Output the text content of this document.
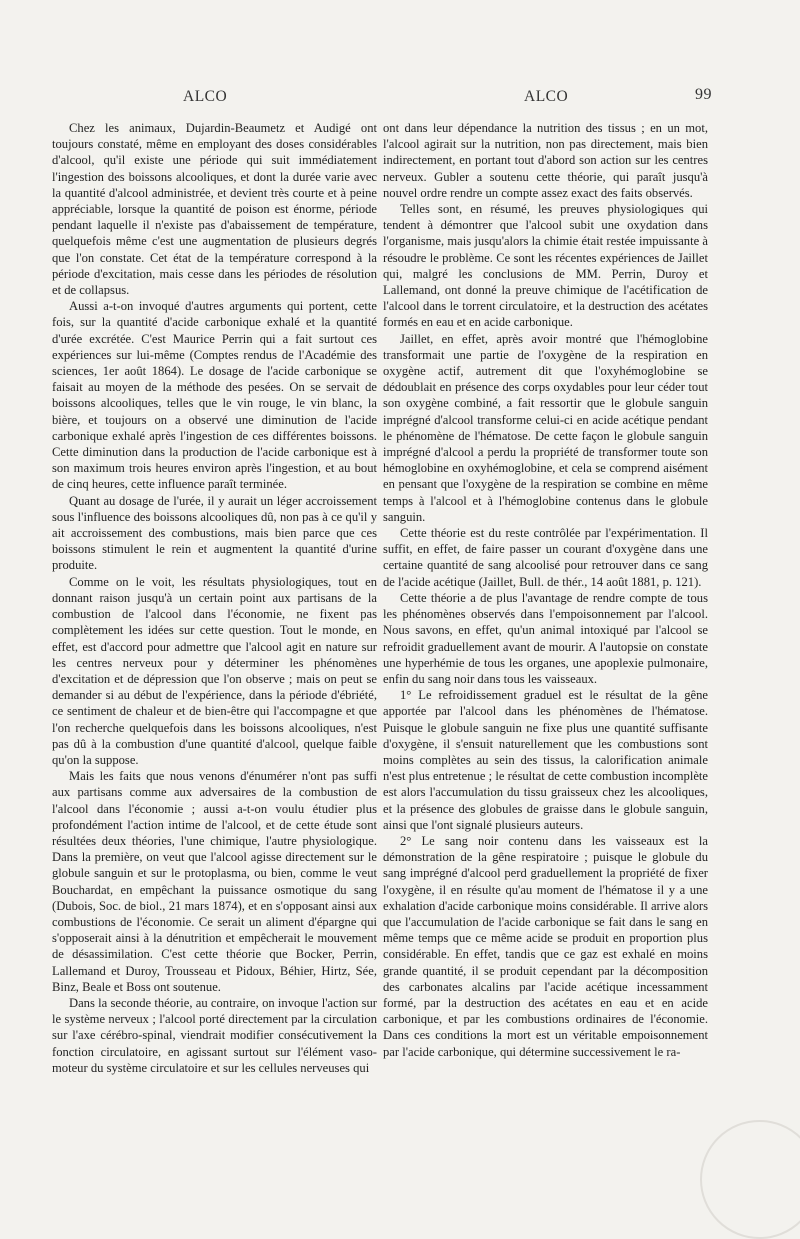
ALCO	ALCO	99

Chez les animaux, Dujardin-Beaumetz et Audigé ont toujours constaté, même en employant des doses considérables d'alcool, qu'il existe une période qui suit immédiatement l'ingestion des boissons alcooliques, et dont la durée varie avec la quantité d'alcool administrée, et devient très courte et à peine appréciable, lorsque la quantité de poison est énorme, période pendant laquelle il n'existe pas d'abaissement de température, quelquefois même c'est une augmentation de plusieurs degrés que l'on constate. Cet état de la température correspond à la période d'excitation, mais cesse dans les périodes de résolution et de collapsus.

Aussi a-t-on invoqué d'autres arguments qui portent, cette fois, sur la quantité d'acide carbonique exhalé et la quantité d'urée excrétée. C'est Maurice Perrin qui a fait surtout ces expériences sur lui-même (Comptes rendus de l'Académie des sciences, 1er août 1864). Le dosage de l'acide carbonique se faisait au moyen de la méthode des pesées. On se servait de boissons alcooliques, telles que le vin rouge, le vin blanc, la bière, et toujours on a observé une diminution de l'acide carbonique exhalé après l'ingestion de ces différentes boissons. Cette diminution dans la production de l'acide carbonique est à son maximum trois heures environ après l'ingestion, et au bout de cinq heures, cette influence paraît terminée.

Quant au dosage de l'urée, il y aurait un léger accroissement sous l'influence des boissons alcooliques dû, non pas à ce qu'il y ait accroissement des combustions, mais bien parce que ces boissons stimulent le rein et augmentent la quantité d'urine produite.

Comme on le voit, les résultats physiologiques, tout en donnant raison jusqu'à un certain point aux partisans de la combustion de l'alcool dans l'économie, ne fixent pas complètement les idées sur cette question. Tout le monde, en effet, est d'accord pour admettre que l'alcool agit en nature sur les centres nerveux pour y déterminer les phénomènes d'excitation et de dépression que l'on observe ; mais on peut se demander si au début de l'expérience, dans la période d'ébriété, ce sentiment de chaleur et de bien-être qui l'accompagne et que l'on recherche quelquefois dans les boissons alcooliques, n'est pas dû à la combustion d'une quantité d'alcool, quelque faible qu'on la suppose.

Mais les faits que nous venons d'énumérer n'ont pas suffi aux partisans comme aux adversaires de la combustion de l'alcool dans l'économie ; aussi a-t-on voulu étudier plus profondément l'action intime de l'alcool, et de cette étude sont résultées deux théories, l'une chimique, l'autre physiologique. Dans la première, on veut que l'alcool agisse directement sur le globule sanguin et sur le protoplasma, ou bien, comme le veut Bouchardat, en empêchant la puissance osmotique du sang (Dubois, Soc. de biol., 21 mars 1874), et en s'opposant ainsi aux combustions de l'économie. Ce serait un aliment d'épargne qui s'opposerait ainsi à la dénutrition et empêcherait le mouvement de désassimilation. C'est cette théorie que Bocker, Perrin, Lallemand et Duroy, Trousseau et Pidoux, Béhier, Hirtz, Sée, Binz, Beale et Boss ont soutenue.

Dans la seconde théorie, au contraire, on invoque l'action sur le système nerveux ; l'alcool porté directement par la circulation sur l'axe cérébro-spinal, viendrait modifier consécutivement la fonction circulatoire, en agissant surtout sur l'élément vaso-moteur du système circulatoire et sur les cellules nerveuses qui

ont dans leur dépendance la nutrition des tissus ; en un mot, l'alcool agirait sur la nutrition, non pas directement, mais bien indirectement, en portant tout d'abord son action sur les centres nerveux. Gubler a soutenu cette théorie, qui paraît jusqu'à nouvel ordre rendre un compte assez exact des faits observés.

Telles sont, en résumé, les preuves physiologiques qui tendent à démontrer que l'alcool subit une oxydation dans l'organisme, mais jusqu'alors la chimie était restée impuissante à résoudre le problème. Ce sont les récentes expériences de Jaillet qui, malgré les conclusions de MM. Perrin, Duroy et Lallemand, ont donné la preuve chimique de l'acétification de l'alcool dans le torrent circulatoire, et la destruction des acétates formés en eau et en acide carbonique.

Jaillet, en effet, après avoir montré que l'hémoglobine transformait une partie de l'oxygène de la respiration en oxygène actif, autrement dit que l'oxyhémoglobine se dédoublait en présence des corps oxydables pour leur céder tout son oxygène combiné, a fait ressortir que le globule sanguin imprégné d'alcool transforme celui-ci en acide acétique pendant le phénomène de l'hématose. De cette façon le globule sanguin imprégné d'alcool a perdu la propriété de transformer toute son hémoglobine en oxyhémoglobine, et cela se comprend aisément en pensant que l'oxygène de la respiration se combine en même temps à l'alcool et à l'hémoglobine contenus dans le globule sanguin.

Cette théorie est du reste contrôlée par l'expérimentation. Il suffit, en effet, de faire passer un courant d'oxygène dans une certaine quantité de sang alcoolisé pour retrouver dans ce sang de l'acide acétique (Jaillet, Bull. de thér., 14 août 1881, p. 121).

Cette théorie a de plus l'avantage de rendre compte de tous les phénomènes observés dans l'empoisonnement par l'alcool. Nous savons, en effet, qu'un animal intoxiqué par l'alcool se refroidit graduellement avant de mourir. A l'autopsie on constate une hyperhémie de tous les organes, une apoplexie pulmonaire, enfin du sang noir dans tous les vaisseaux.

1° Le refroidissement graduel est le résultat de la gêne apportée par l'alcool dans les phénomènes de l'hématose. Puisque le globule sanguin ne fixe plus une quantité suffisante d'oxygène, il s'ensuit naturellement que les combustions sont moins complètes au sein des tissus, la calorification animale n'est plus entretenue ; le résultat de cette combustion incomplète est alors l'accumulation du tissu graisseux chez les alcooliques, et la présence des globules de graisse dans le globule sanguin, ainsi que l'ont signalé plusieurs auteurs.

2° Le sang noir contenu dans les vaisseaux est la démonstration de la gêne respiratoire ; puisque le globule du sang imprégné d'alcool perd graduellement la propriété de fixer l'oxygène, il en résulte qu'au moment de l'hématose il y a une exhalation d'acide carbonique moins considérable. Il arrive alors que l'accumulation de l'acide carbonique se fait dans le sang en même temps que ce même acide se produit en proportion plus considérable. En effet, tandis que ce gaz est exhalé en moins grande quantité, il se produit cependant par la décomposition des carbonates alcalins par l'acide acétique incessamment formé, par la destruction des acétates en eau et en acide carbonique, et par les combustions ordinaires de l'économie. Dans ces conditions la mort est un véritable empoisonnement par l'acide carbonique, qui détermine successivement le ra-
